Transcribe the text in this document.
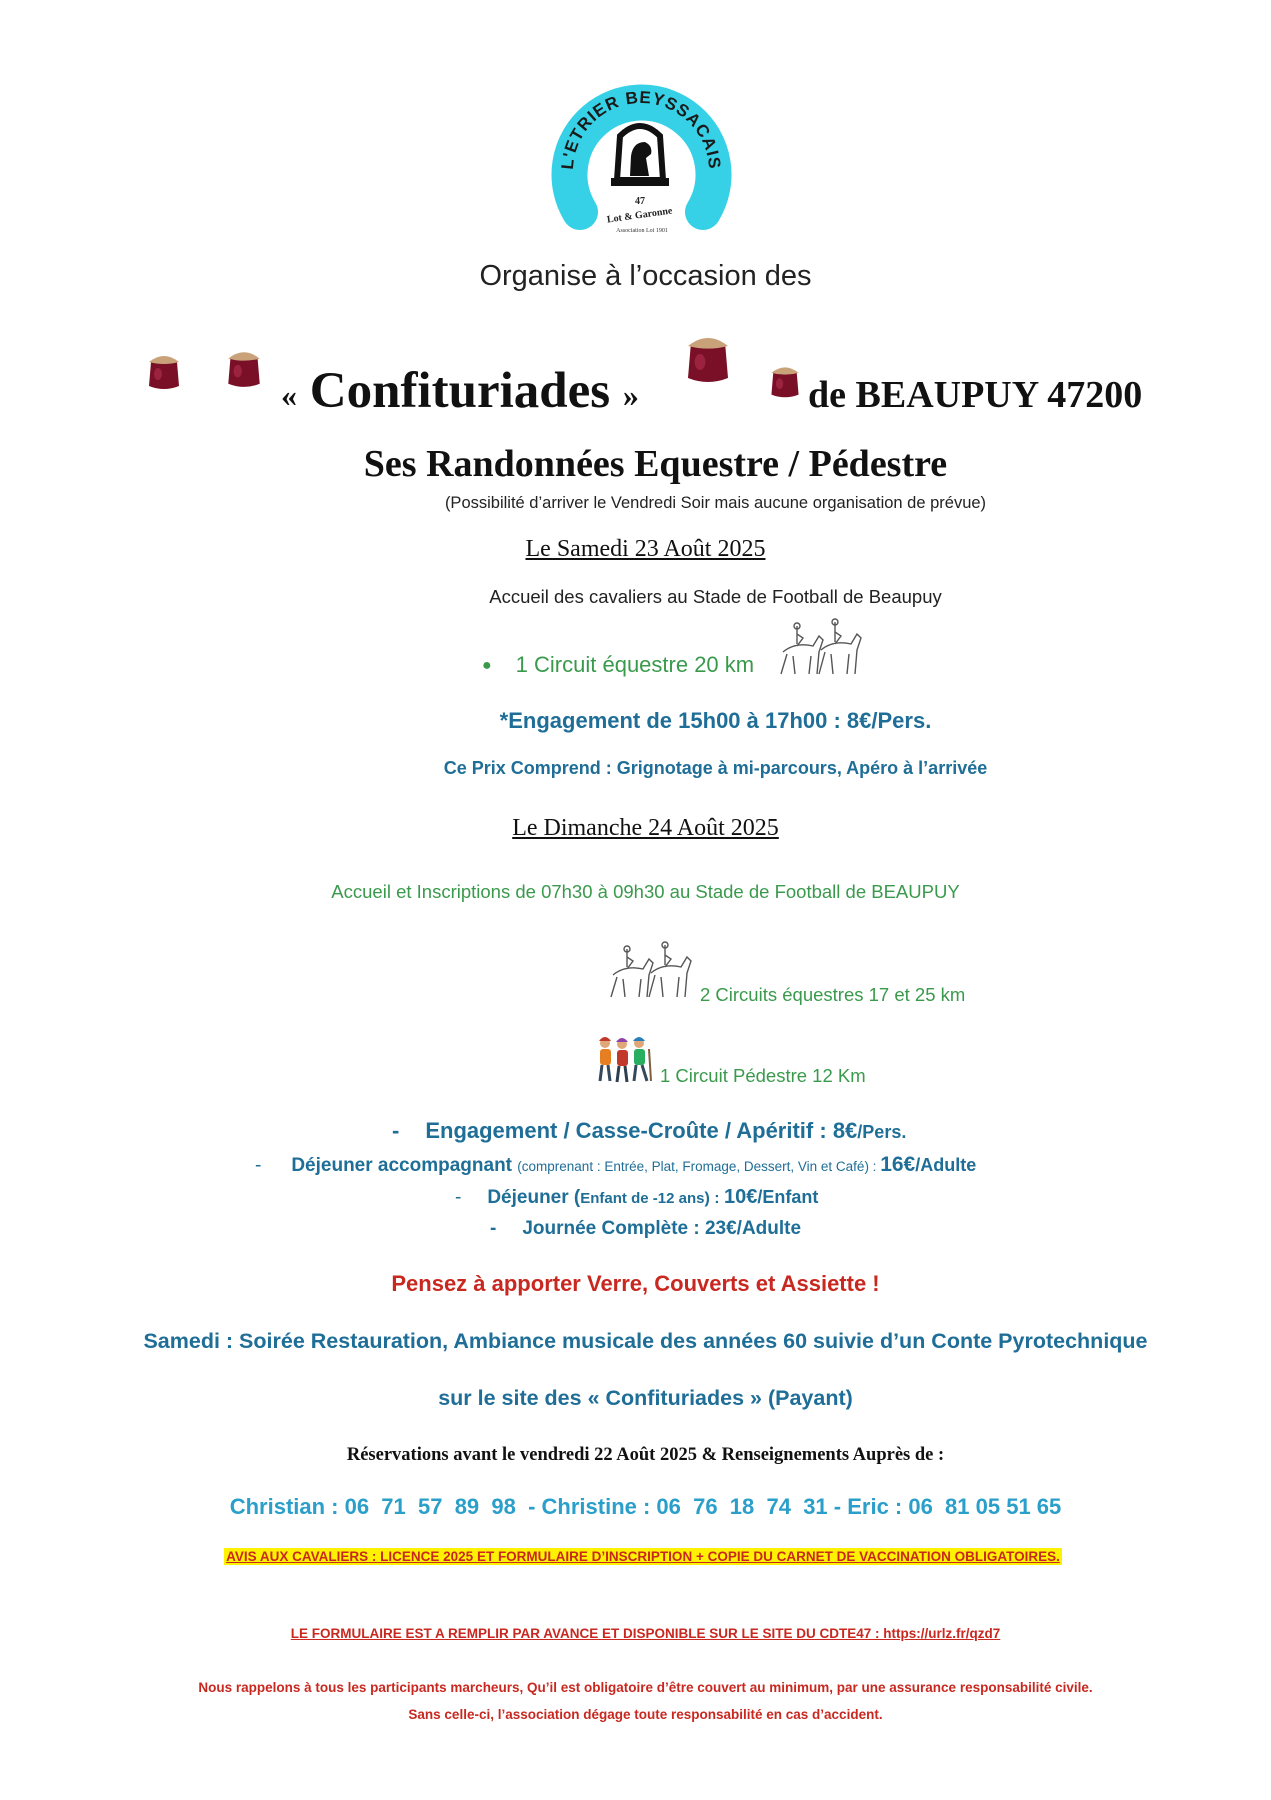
L'ETRIER BEYSSACAIS
47
Lot & Garonne
Association Loi 1901
Organise à l’occasion des
« Confituriades »	de BEAUPUY 47200
Ses Randonnées Equestre / Pédestre
(Possibilité d’arriver le Vendredi Soir mais aucune organisation de prévue)
Le Samedi 23 Août 2025
Accueil des cavaliers au Stade de Football de Beaupuy
● 1 Circuit équestre 20 km
*Engagement de 15h00 à 17h00 : 8€/Pers.
Ce Prix Comprend : Grignotage à mi-parcours, Apéro à l’arrivée
Le Dimanche 24 Août 2025
Accueil et Inscriptions de 07h30 à 09h30 au Stade de Football de BEAUPUY
2 Circuits équestres 17 et 25 km
1 Circuit Pédestre 12 Km
- Engagement / Casse-Croûte / Apéritif : 8€/Pers.
- Déjeuner accompagnant (comprenant : Entrée, Plat, Fromage, Dessert, Vin et Café) : 16€/Adulte
- Déjeuner (Enfant de -12 ans) : 10€/Enfant
- Journée Complète : 23€/Adulte
Pensez à apporter Verre, Couverts et Assiette !
Samedi : Soirée Restauration, Ambiance musicale des années 60 suivie d’un Conte Pyrotechnique
sur le site des « Confituriades » (Payant)
Réservations avant le vendredi 22 Août 2025 & Renseignements Auprès de :
Christian : 06  71  57  89  98  - Christine : 06  76  18  74  31 - Eric : 06  81 05 51 65
AVIS AUX CAVALIERS : LICENCE 2025 ET FORMULAIRE D’INSCRIPTION + COPIE DU CARNET DE VACCINATION OBLIGATOIRES.
LE FORMULAIRE EST A REMPLIR PAR AVANCE ET DISPONIBLE SUR LE SITE DU CDTE47 : https://urlz.fr/qzd7
Nous rappelons à tous les participants marcheurs, Qu’il est obligatoire d’être couvert au minimum, par une assurance responsabilité civile.
Sans celle-ci, l’association dégage toute responsabilité en cas d’accident.
